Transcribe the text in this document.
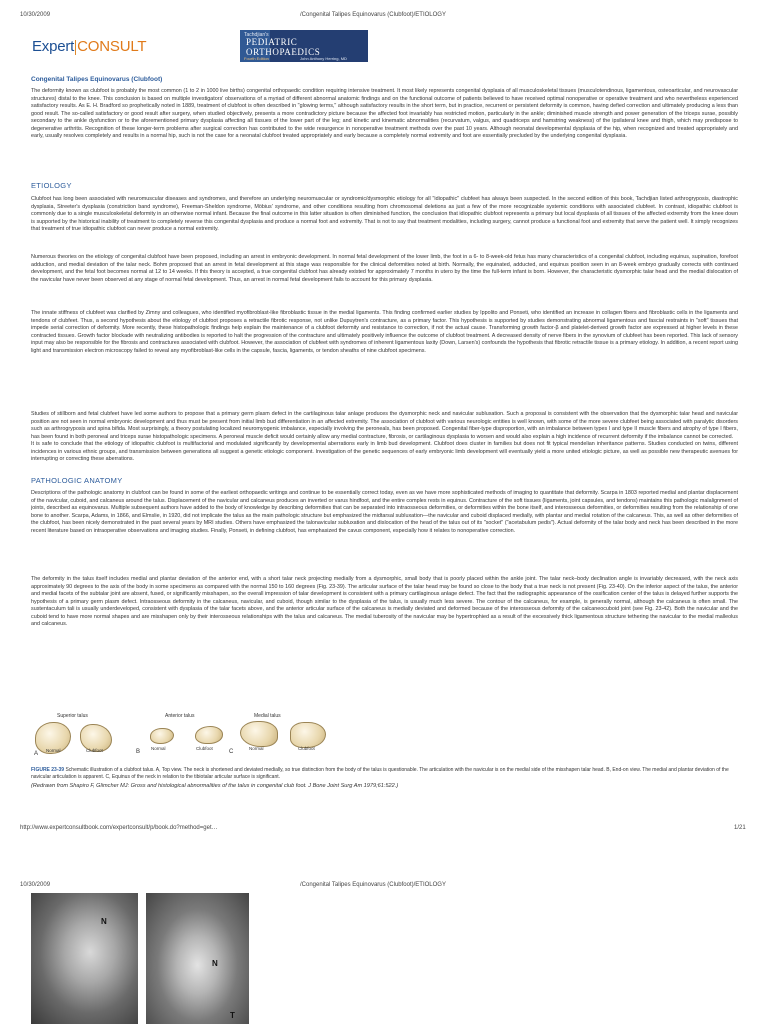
10/30/2009	/Congenital Talipes Equinovarus (Clubfoot)/ETIOLOGY
Expert CONSULT
Tachdjian's
PEDIATRIC
ORTHOPAEDICS
Fourth Edition	John Anthony Herring, MD
Congenital Talipes Equinovarus (Clubfoot)
The deformity known as clubfoot is probably the most common (1 to 2 in 1000 live births) congenital orthopaedic condition requiring intensive treatment. It most likely represents congenital dysplasia of all musculoskeletal tissues (musculotendinous, ligamentous, osteoarticular, and neurovascular structures) distal to the knee. This conclusion is based on multiple investigators' observations of a myriad of different abnormal anatomic findings and on the functional outcome of patients believed to have received optimal nonoperative or operative treatment and who nevertheless experienced satisfactory results. As E. H. Bradford so prophetically noted in 1889, treatment of clubfoot is often described in "glowing terms," although satisfactory results in the short term, but in practice, recurrent or persistent deformity is common, having defied correction and ultimately producing a less than good result. The so-called satisfactory or good result after surgery, when studied objectively, presents a more contradictory picture because the affected foot invariably has restricted motion, particularly in the ankle; diminished muscle strength and power generation of the triceps surae, possibly secondary to the ankle dysfunction or to the aforementioned primary dysplasia affecting all tissues of the lower part of the leg; and kinetic and kinematic abnormalities (recurvatum, valgus, and quadriceps and hamstring weakness) of the ipsilateral knee and thigh, which may predispose to degenerative arthritis. Recognition of these longer-term problems after surgical correction has contributed to the wide resurgence in nonoperative treatment methods over the past 10 years. Although neonatal developmental dysplasia of the hip, when recognized and treated appropriately and early, usually resolves completely and results in a normal hip, such is not the case for a neonatal clubfoot treated appropriately and early because a completely normal extremity and foot are essentially precluded by the underlying congenital dysplasia.
ETIOLOGY
Clubfoot has long been associated with neuromuscular diseases and syndromes, and therefore an underlying neuromuscular or syndromic/dysmorphic etiology for all "idiopathic" clubfeet has always been suspected. In the second edition of this book, Tachdjian listed arthrogryposis, diastrophic dysplasia, Streeter's dysplasia (constriction band syndrome), Freeman-Sheldon syndrome, Möbius' syndrome, and other conditions resulting from chromosomal deletions as just a few of the more recognizable systemic conditions with associated clubfeet. In contrast, idiopathic clubfoot is commonly due to a single musculoskeletal deformity in an otherwise normal infant. Because the final outcome in this latter situation is often diminished function, the conclusion that idiopathic clubfoot represents a primary but local dysplasia of all tissues of the affected extremity from the knee down is supported by the historical inability of treatment to completely reverse this congenital dysplasia and produce a normal foot and extremity. That is not to say that treatment modalities, including surgery, cannot produce a functional foot and extremity that serve the patient well. It simply recognizes that treatment of true idiopathic clubfoot can never produce a normal extremity.
Numerous theories on the etiology of congenital clubfoot have been proposed, including an arrest in embryonic development. In normal fetal development of the lower limb, the foot in a 6- to 8-week-old fetus has many characteristics of a congenital clubfoot, including equinus, supination, forefoot adduction, and medial deviation of the talar neck. Bohm proposed that an arrest in fetal development at this stage was responsible for the clinical deformities noted at birth. Normally, the equinated, adducted, and equinus position seen in an 8-week embryo gradually corrects with continued development, and the fetal foot becomes normal at 12 to 14 weeks. If this theory is accepted, a true congenital clubfoot has already existed for approximately 7 months in utero by the time the full-term infant is born. However, the characteristic dysmorphic talar head and the medial dislocation of the navicular have never been observed at any stage of normal fetal development. Thus, an arrest in normal fetal development fails to account for this primary dysplasia.
The innate stiffness of clubfeet was clarified by Zimny and colleagues, who identified myofibroblast-like fibroblastic tissue in the medial ligaments. This finding confirmed earlier studies by Ippolito and Ponseti, who identified an increase in collagen fibers and fibroblastic cells in the ligaments and tendons of clubfeet. Thus, a second hypothesis about the etiology of clubfoot proposes a retractile fibrotic response, not unlike Dupuytren's contracture, as a primary factor. This hypothesis is supported by studies demonstrating abnormal ligamentous and fascial restraints in "soft" tissues that impede serial correction of deformity. More recently, these histopathologic findings help explain the maintenance of a clubfoot deformity and resistance to correction, if not the actual cause. Transforming growth factor-β and platelet-derived growth factor are expressed at higher levels in these contracted tissues. Growth factor blockade with neutralizing antibodies is reported to halt the progression of the contracture and ultimately positively influence the outcome of clubfoot treatment. A decreased density of nerve fibers in the synovium of clubfeet has been reported. This lack of sensory input may also be responsible for the fibrosis and contractures associated with clubfoot. However, the association of clubfeet with syndromes of inherent ligamentous laxity (Down, Larsen's) confounds the hypothesis that fibrotic retractile tissue is a primary etiology. In addition, a recent report using light and transmission electron microscopy failed to reveal any myofibroblast-like cells in the capsule, fascia, ligaments, or tendon sheaths of nine clubfoot specimens.
Studies of stillborn and fetal clubfeet have led some authors to propose that a primary germ plasm defect in the cartilaginous talar anlage produces the dysmorphic neck and navicular subluxation. Such a proposal is consistent with the observation that the dysmorphic talar head and navicular position are not seen in normal embryonic development and thus must be present from initial limb bud differentiation in an affected extremity. The association of clubfoot with various neurologic entities is well known, with some of the more severe clubfeet being associated with paralytic disorders such as arthrogryposis and spina bifida. Most surprisingly, a theory postulating localized neuromyogenic imbalance, especially involving the peroneals, has been proposed. Congenital fiber-type disproportion, with an imbalance between types I and type II muscle fibers and atrophy of type I fibers, has been found in both peroneal and triceps surae histopathologic specimens. A peroneal muscle deficit would certainly allow any medial contracture, fibrosis, or cartilaginous dysplasia to worsen and would also explain a high incidence of recurrent deformity if the imbalance cannot be corrected.
It is safe to conclude that the etiology of idiopathic clubfoot is multifactorial and modulated significantly by developmental aberrations early in limb bud development. Clubfoot does cluster in families but does not fit typical mendelian inheritance patterns. Studies conducted on twins, different incidences in various ethnic groups, and transmission between generations all suggest a genetic etiologic component. Investigation of the genetic sequences of early embryonic limb development will eventually yield a more united etiologic picture, as well as possible new therapeutic avenues for interrupting or correcting these aberrations.
PATHOLOGIC ANATOMY
Descriptions of the pathologic anatomy in clubfoot can be found in some of the earliest orthopaedic writings and continue to be essentially correct today, even as we have more sophisticated methods of imaging to quantitate that deformity. Scarpa in 1803 reported medial and plantar displacement of the navicular, cuboid, and calcaneus around the talus. Displacement of the navicular and calcaneus produces an inverted or varus hindfoot, and the entire complex rests in equinus. Contracture of the soft tissues (ligaments, joint capsules, and tendons) maintains this pathologic malalignment of joints, described as equinovarus. Multiple subsequent authors have added to the body of knowledge by describing deformities that can be separated into intraosseous deformities, or deformities within the bone itself, and interosseous deformities, or deformities resulting from the relationship of one bone to another. Scarpa, Adams, in 1866, and Elmslie, in 1920, did not implicate the talus as the main pathologic structure but emphasized the midtarsal subluxation—the navicular and cuboid displaced medially, with plantar and medial rotation of the calcaneus. This, as well as other deformities of the clubfoot, has been nicely demonstrated in the past several years by MRI studies. Others have emphasized the talonavicular subluxation and dislocation of the head of the talus out of its "socket" ("acetabulum pedis"). Actual deformity of the talar body and neck has been described in the more recent literature based on intraoperative observations and imaging studies. Finally, Ponseti, in defining clubfoot, has emphasized the cavus component, especially how it relates to nonoperative correction.
The deformity in the talus itself includes medial and plantar deviation of the anterior end, with a short talar neck projecting medially from a dysmorphic, small body that is poorly placed within the ankle joint. The talar neck–body declination angle is invariably decreased, with the neck axis approximately 90 degrees to the axis of the body in some specimens as compared with the normal 150 to 160 degrees (Fig. 23-39). The articular surface of the talar head may be found so close to the body that a true neck is not present (Fig. 23-40). On the inferior aspect of the talus, the anterior and medial facets of the subtalar joint are absent, fused, or significantly misshapen, so the overall impression of talar development is consistent with a primary cartilaginous anlage defect. The fact that the radiographic appearance of the ossification center of the talus is delayed further supports the hypothesis of a primary germ plasm defect. Intraosseous deformity in the calcaneus, navicular, and cuboid, though similar to the dysplasia of the talus, is usually much less severe. The contour of the calcaneus, for example, is generally normal, although the calcaneus is often small. The sustentaculum tali is usually underdeveloped, consistent with dysplasia of the talar facets above, and the anterior articular surface of the calcaneus is medially deviated and deformed because of the interosseous deformity of the calcaneocuboid joint (see Fig. 23-42). Both the navicular and the cuboid tend to have more normal shapes and are misshapen only by their interosseous relationships with the talus and calcaneus. The medial tuberosity of the navicular may be hypertrophied as a result of the excessively thick ligamentous structure tethering the navicular to the medial malleolus and calcaneus.
Superior talus	Anterior talus	Medial talus
A	B	C
Normal	Clubfoot	Normal	Clubfoot	Normal	Clubfoot
FIGURE 23-39 Schematic illustration of a clubfoot talus. A, Top view. The neck is shortened and deviated medially, so true distinction from the body of the talus is questionable. The articulation with the navicular is on the medial side of the misshapen talar head. B, End-on view. The medial and plantar deviation of the navicular articulation is apparent. C, Equinus of the neck in relation to the tibiotalar articular surface is significant.
(Redrawn from Shapiro F, Glimcher MJ: Gross and histological abnormalities of the talus in congenital club foot. J Bone Joint Surg Am 1979;61:522.)
http://www.expertconsultbook.com/expertconsult/p/book.do?method=get…	1/21
10/30/2009	/Congenital Talipes Equinovarus (Clubfoot)/ETIOLOGY
N
N
T
